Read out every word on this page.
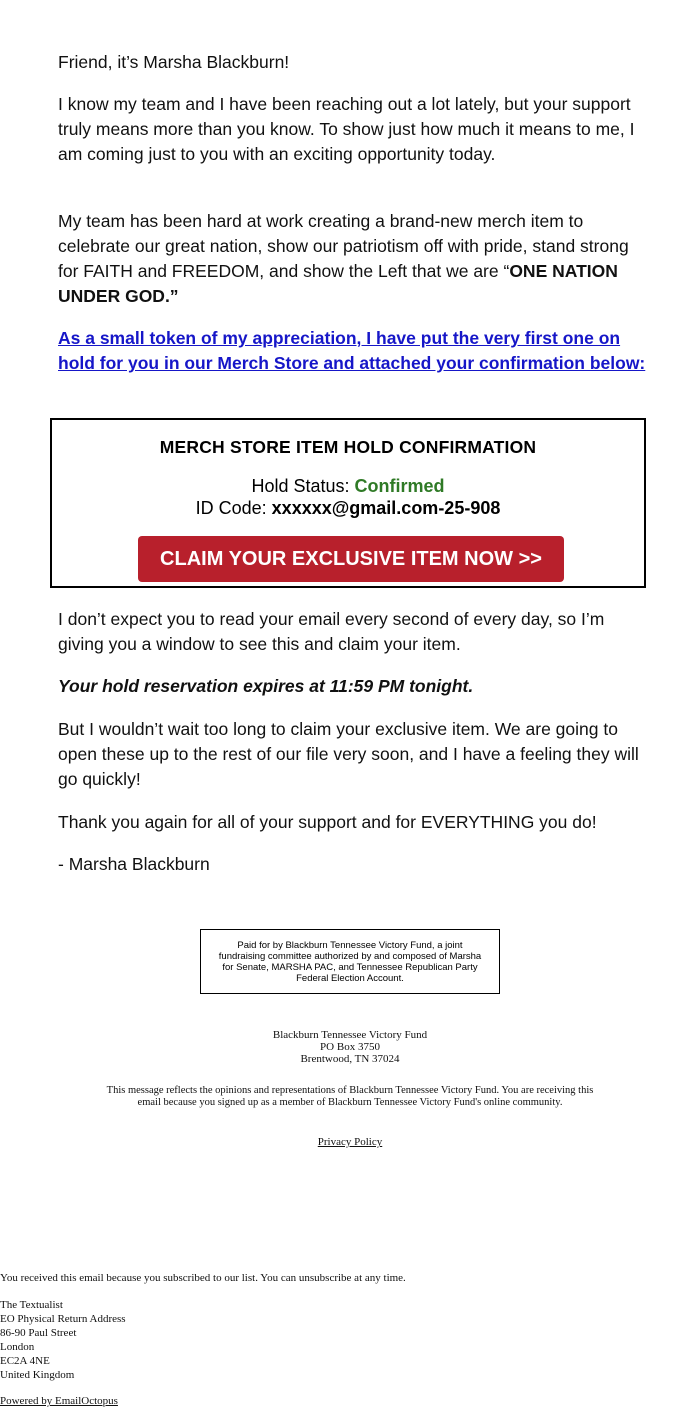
Friend, it’s Marsha Blackburn!

I know my team and I have been reaching out a lot lately, but your support truly means more than you know. To show just how much it means to me, I am coming just to you with an exciting opportunity today.

My team has been hard at work creating a brand-new merch item to celebrate our great nation, show our patriotism off with pride, stand strong for FAITH and FREEDOM, and show the Left that we are “ONE NATION UNDER GOD.”

As a small token of my appreciation, I have put the very first one on hold for you in our Merch Store and attached your confirmation below:

I don’t expect you to read your email every second of every day, so I’m giving you a window to see this and claim your item.

Your hold reservation expires at 11:59 PM tonight.

But I wouldn’t wait too long to claim your exclusive item. We are going to open these up to the rest of our file very soon, and I have a feeling they will go quickly!

Thank you again for all of your support and for EVERYTHING you do!

- Marsha Blackburn

MERCH STORE ITEM HOLD CONFIRMATION
Hold Status: Confirmed
ID Code: xxxxxx@gmail.com-25-908
CLAIM YOUR EXCLUSIVE ITEM NOW >>
Paid for by Blackburn Tennessee Victory Fund, a joint fundraising committee authorized by and composed of Marsha for Senate, MARSHA PAC, and Tennessee Republican Party Federal Election Account.
Blackburn Tennessee Victory Fund
PO Box 3750
Brentwood, TN 37024
This message reflects the opinions and representations of Blackburn Tennessee Victory Fund. You are receiving this email because you signed up as a member of Blackburn Tennessee Victory Fund's online community.
Privacy Policy
You received this email because you subscribed to our list. You can unsubscribe at any time.
The Textualist
EO Physical Return Address
86-90 Paul Street
London
EC2A 4NE
United Kingdom
Powered by EmailOctopus
